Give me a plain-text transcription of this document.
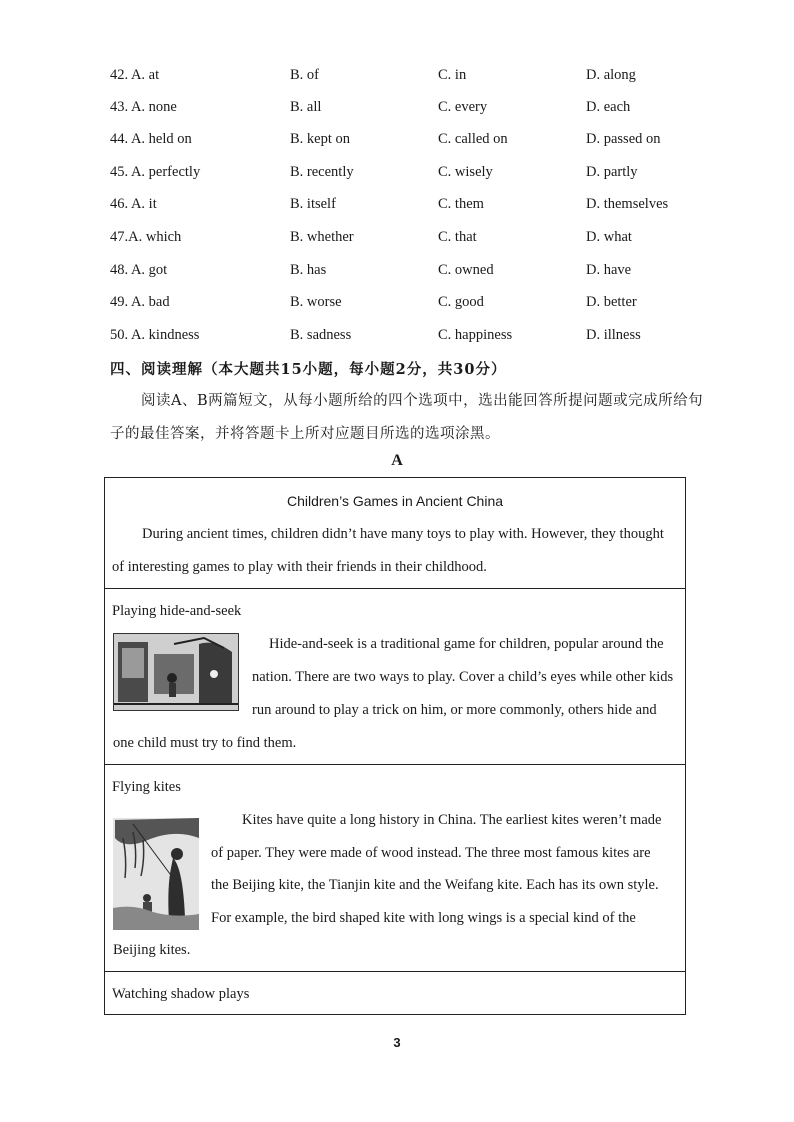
42. A. at	B. of	C. in	D. along
43. A. none	B. all	C. every	D. each
44. A. held on	B. kept on	C. called on	D. passed on
45. A. perfectly	B. recently	C. wisely	D. partly
46. A. it	B. itself	C. them	D. themselves
47.A. which	B. whether	C. that	D. what
48. A. got	B. has	C. owned	D. have
49. A. bad	B. worse	C. good	D. better
50. A. kindness	B. sadness	C. happiness	D. illness
四、阅读理解（本大题共15小题，每小题2分，共30分）
阅读A、B两篇短文，从每小题所给的四个选项中，选出能回答所提问题或完成所给句子的最佳答案，并将答题卡上所对应题目所选的选项涂黑。
A
Children’s Games in Ancient China
During ancient times, children didn’t have many toys to play with. However, they thought of interesting games to play with their friends in their childhood.
Playing hide-and-seek
Hide-and-seek is a traditional game for children, popular around the
nation. There are two ways to play. Cover a child’s eyes while other kids
run around to play a trick on him, or more commonly, others hide and
one child must try to find them.
Flying kites
Kites have quite a long history in China. The earliest kites weren’t made
of paper. They were made of wood instead. The three most famous kites are
the Beijing kite, the Tianjin kite and the Weifang kite. Each has its own style.
For example, the bird shaped kite with long wings is a special kind of the
Beijing kites.
Watching shadow plays
3
